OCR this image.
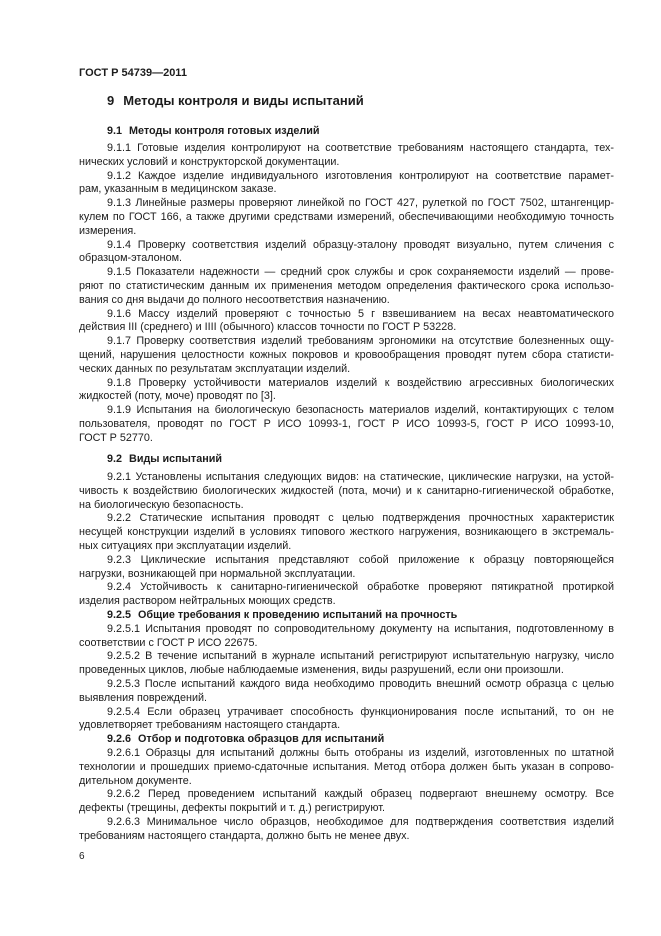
ГОСТ Р 54739—2011
9 Методы контроля и виды испытаний
9.1 Методы контроля готовых изделий
9.1.1 Готовые изделия контролируют на соответствие требованиям настоящего стандарта, тех-
нических условий и конструкторской документации.
9.1.2 Каждое изделие индивидуального изготовления контролируют на соответствие парамет-
рам, указанным в медицинском заказе.
9.1.3 Линейные размеры проверяют линейкой по ГОСТ 427, рулеткой по ГОСТ 7502, штангенцир-
кулем по ГОСТ 166, а также другими средствами измерений, обеспечивающими необходимую точность
измерения.
9.1.4 Проверку соответствия изделий образцу-эталону проводят визуально, путем сличения с
образцом-эталоном.
9.1.5 Показатели надежности — средний срок службы и срок сохраняемости изделий — прове-
ряют по статистическим данным их применения методом определения фактического срока использо-
вания со дня выдачи до полного несоответствия назначению.
9.1.6 Массу изделий проверяют с точностью 5 г взвешиванием на весах неавтоматического
действия III (среднего) и IIII (обычного) классов точности по ГОСТ Р 53228.
9.1.7 Проверку соответствия изделий требованиям эргономики на отсутствие болезненных ощу-
щений, нарушения целостности кожных покровов и кровообращения проводят путем сбора статисти-
ческих данных по результатам эксплуатации изделий.
9.1.8 Проверку устойчивости материалов изделий к воздействию агрессивных биологических
жидкостей (поту, моче) проводят по [3].
9.1.9 Испытания на биологическую безопасность материалов изделий, контактирующих с телом
пользователя, проводят по ГОСТ Р ИСО 10993-1, ГОСТ Р ИСО 10993-5, ГОСТ Р ИСО 10993-10,
ГОСТ Р 52770.
9.2 Виды испытаний
9.2.1 Установлены испытания следующих видов: на статические, циклические нагрузки, на устой-
чивость к воздействию биологических жидкостей (пота, мочи) и к санитарно-гигиенической обработке,
на биологическую безопасность.
9.2.2 Статические испытания проводят с целью подтверждения прочностных характеристик
несущей конструкции изделий в условиях типового жесткого нагружения, возникающего в экстремаль-
ных ситуациях при эксплуатации изделий.
9.2.3 Циклические испытания представляют собой приложение к образцу повторяющейся
нагрузки, возникающей при нормальной эксплуатации.
9.2.4 Устойчивость к санитарно-гигиенической обработке проверяют пятикратной протиркой
изделия раствором нейтральных моющих средств.
9.2.5 Общие требования к проведению испытаний на прочность
9.2.5.1 Испытания проводят по сопроводительному документу на испытания, подготовленному в
соответствии с ГОСТ Р ИСО 22675.
9.2.5.2 В течение испытаний в журнале испытаний регистрируют испытательную нагрузку, число
проведенных циклов, любые наблюдаемые изменения, виды разрушений, если они произошли.
9.2.5.3 После испытаний каждого вида необходимо проводить внешний осмотр образца с целью
выявления повреждений.
9.2.5.4 Если образец утрачивает способность функционирования после испытаний, то он не
удовлетворяет требованиям настоящего стандарта.
9.2.6 Отбор и подготовка образцов для испытаний
9.2.6.1 Образцы для испытаний должны быть отобраны из изделий, изготовленных по штатной
технологии и прошедших приемо-сдаточные испытания. Метод отбора должен быть указан в сопрово-
дительном документе.
9.2.6.2 Перед проведением испытаний каждый образец подвергают внешнему осмотру. Все
дефекты (трещины, дефекты покрытий и т. д.) регистрируют.
9.2.6.3 Минимальное число образцов, необходимое для подтверждения соответствия изделий
требованиям настоящего стандарта, должно быть не менее двух.
6
